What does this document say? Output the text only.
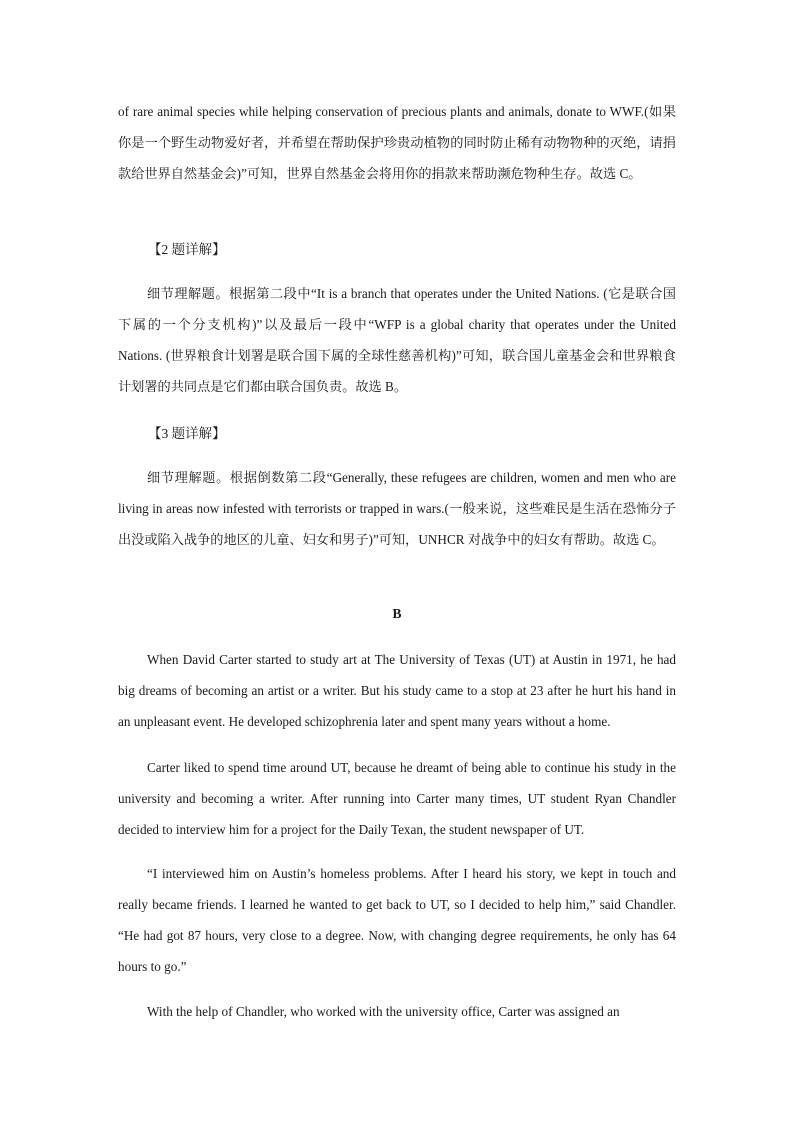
of rare animal species while helping conservation of precious plants and animals, donate to WWF.(如果你是一个野生动物爱好者，并希望在帮助保护珍贵动植物的同时防止稀有动物物种的灭绝，请捐款给世界自然基金会)”可知，世界自然基金会将用你的捐款来帮助濒危物种生存。故选 C。
【2 题详解】
细节理解题。根据第二段中“It is a branch that operates under the United Nations. (它是联合国下属的一个分支机构)”以及最后一段中“WFP is a global charity that operates under the United Nations. (世界粮食计划署是联合国下属的全球性慈善机构)”可知，联合国儿童基金会和世界粮食计划署的共同点是它们都由联合国负责。故选 B。
【3 题详解】
细节理解题。根据倒数第二段“Generally, these refugees are children, women and men who are living in areas now infested with terrorists or trapped in wars.(一般来说，这些难民是生活在恐怖分子出没或陷入战争的地区的儿童、妇女和男子)”可知，UNHCR 对战争中的妇女有帮助。故选 C。
B
When David Carter started to study art at The University of Texas (UT) at Austin in 1971, he had big dreams of becoming an artist or a writer. But his study came to a stop at 23 after he hurt his hand in an unpleasant event. He developed schizophrenia later and spent many years without a home.
Carter liked to spend time around UT, because he dreamt of being able to continue his study in the university and becoming a writer. After running into Carter many times, UT student Ryan Chandler decided to interview him for a project for the Daily Texan, the student newspaper of UT.
“I interviewed him on Austin’s homeless problems. After I heard his story, we kept in touch and really became friends. I learned he wanted to get back to UT, so I decided to help him,” said Chandler. “He had got 87 hours, very close to a degree. Now, with changing degree requirements, he only has 64 hours to go.”
With the help of Chandler, who worked with the university office, Carter was assigned an
